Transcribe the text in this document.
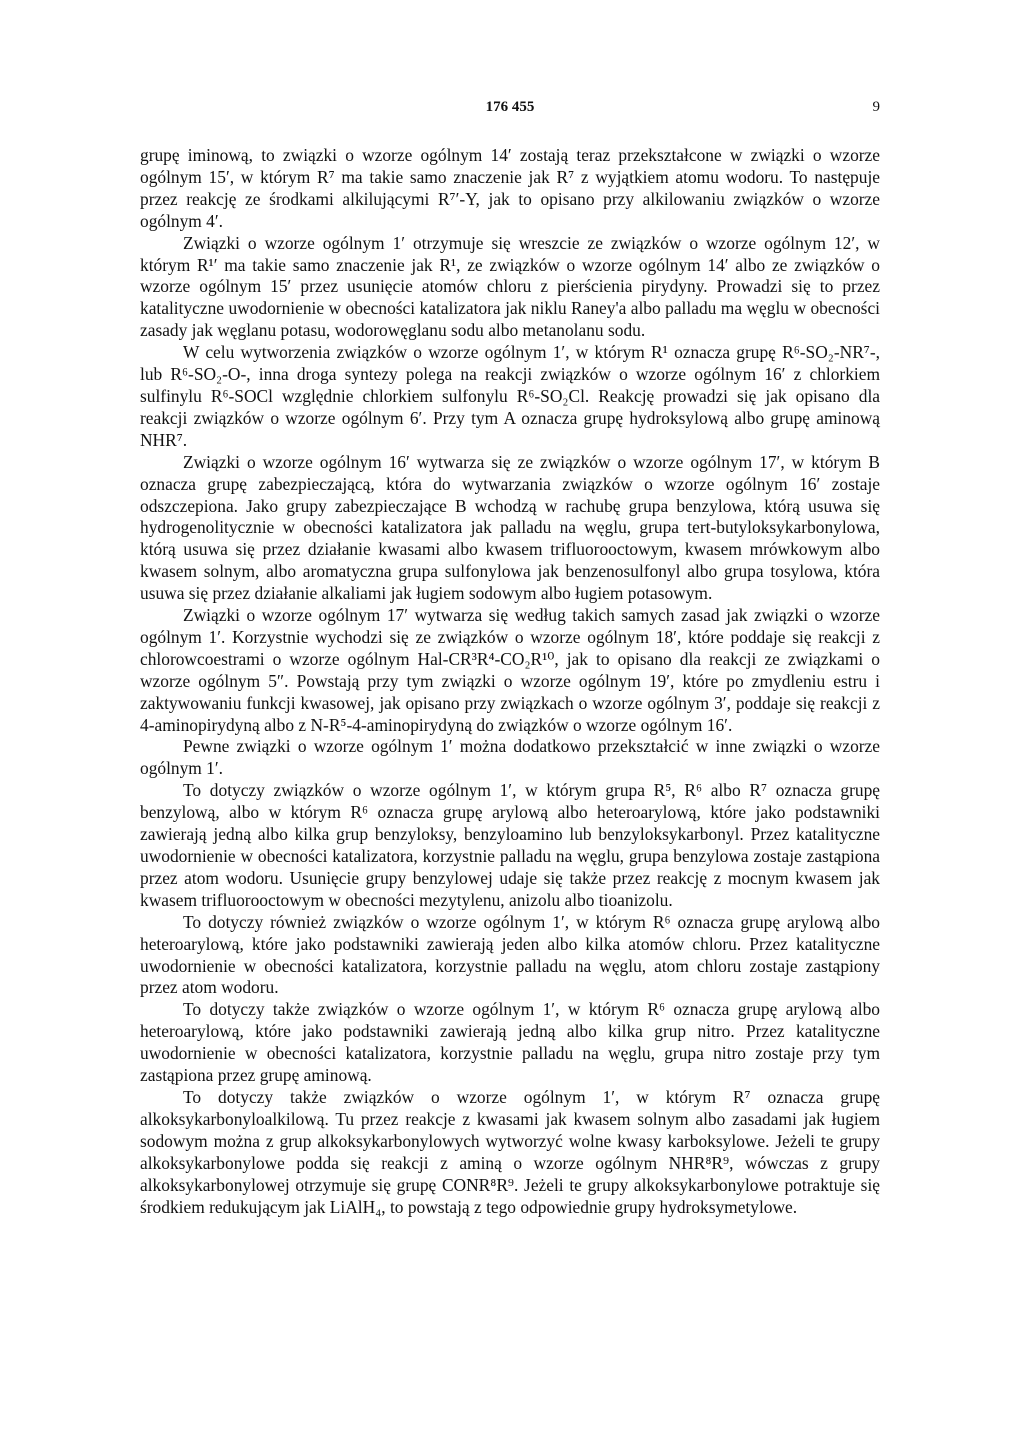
176 455	9

grupę iminową, to związki o wzorze ogólnym 14′ zostają teraz przekształcone w związki o wzorze ogólnym 15′, w którym R⁷ ma takie samo znaczenie jak R⁷ z wyjątkiem atomu wodoru. To następuje przez reakcję ze środkami alkilującymi R⁷′-Y, jak to opisano przy alkilowaniu związków o wzorze ogólnym 4′.

Związki o wzorze ogólnym 1′ otrzymuje się wreszcie ze związków o wzorze ogólnym 12′, w którym R¹′ ma takie samo znaczenie jak R¹, ze związków o wzorze ogólnym 14′ albo ze związków o wzorze ogólnym 15′ przez usunięcie atomów chloru z pierścienia pirydyny. Prowadzi się to przez katalityczne uwodornienie w obecności katalizatora jak niklu Raney'a albo palladu ma węglu w obecności zasady jak węglanu potasu, wodorowęglanu sodu albo metanolanu sodu.

W celu wytworzenia związków o wzorze ogólnym 1′, w którym R¹ oznacza grupę R⁶-SO₂-NR⁷-, lub R⁶-SO₂-O-, inna droga syntezy polega na reakcji związków o wzorze ogólnym 16′ z chlorkiem sulfinylu R⁶-SOCl względnie chlorkiem sulfonylu R⁶-SO₂Cl. Reakcję prowadzi się jak opisano dla reakcji związków o wzorze ogólnym 6′. Przy tym A oznacza grupę hydroksylową albo grupę aminową NHR⁷.

Związki o wzorze ogólnym 16′ wytwarza się ze związków o wzorze ogólnym 17′, w którym B oznacza grupę zabezpieczającą, która do wytwarzania związków o wzorze ogólnym 16′ zostaje odszczepiona. Jako grupy zabezpieczające B wchodzą w rachubę grupa benzylowa, którą usuwa się hydrogenolitycznie w obecności katalizatora jak palladu na węglu, grupa tert-butyloksykarbonylowa, którą usuwa się przez działanie kwasami albo kwasem trifluorooctowym, kwasem mrówkowym albo kwasem solnym, albo aromatyczna grupa sulfonylowa jak benzenosulfonyl albo grupa tosylowa, która usuwa się przez działanie alkaliami jak ługiem sodowym albo ługiem potasowym.

Związki o wzorze ogólnym 17′ wytwarza się według takich samych zasad jak związki o wzorze ogólnym 1′. Korzystnie wychodzi się ze związków o wzorze ogólnym 18′, które poddaje się reakcji z chlorowcoestrami o wzorze ogólnym Hal-CR³R⁴-CO₂R¹⁰, jak to opisano dla reakcji ze związkami o wzorze ogólnym 5″. Powstają przy tym związki o wzorze ogólnym 19′, które po zmydleniu estru i zaktywowaniu funkcji kwasowej, jak opisano przy związkach o wzorze ogólnym 3′, poddaje się reakcji z 4-aminopirydyną albo z N-R⁵-4-aminopirydyną do związków o wzorze ogólnym 16′.

Pewne związki o wzorze ogólnym 1′ można dodatkowo przekształcić w inne związki o wzorze ogólnym 1′.

To dotyczy związków o wzorze ogólnym 1′, w którym grupa R⁵, R⁶ albo R⁷ oznacza grupę benzylową, albo w którym R⁶ oznacza grupę arylową albo heteroarylową, które jako podstawniki zawierają jedną albo kilka grup benzyloksy, benzyloamino lub benzyloksykarbonyl. Przez katalityczne uwodornienie w obecności katalizatora, korzystnie palladu na węglu, grupa benzylowa zostaje zastąpiona przez atom wodoru. Usunięcie grupy benzylowej udaje się także przez reakcję z mocnym kwasem jak kwasem trifluorooctowym w obecności mezytylenu, anizolu albo tioanizolu.

To dotyczy również związków o wzorze ogólnym 1′, w którym R⁶ oznacza grupę arylową albo heteroarylową, które jako podstawniki zawierają jeden albo kilka atomów chloru. Przez katalityczne uwodornienie w obecności katalizatora, korzystnie palladu na węglu, atom chloru zostaje zastąpiony przez atom wodoru.

To dotyczy także związków o wzorze ogólnym 1′, w którym R⁶ oznacza grupę arylową albo heteroarylową, które jako podstawniki zawierają jedną albo kilka grup nitro. Przez katalityczne uwodornienie w obecności katalizatora, korzystnie palladu na węglu, grupa nitro zostaje przy tym zastąpiona przez grupę aminową.

To dotyczy także związków o wzorze ogólnym 1′, w którym R⁷ oznacza grupę alkoksykarbonyloalkilową. Tu przez reakcje z kwasami jak kwasem solnym albo zasadami jak ługiem sodowym można z grup alkoksykarbonylowych wytworzyć wolne kwasy karboksylowe. Jeżeli te grupy alkoksykarbonylowe podda się reakcji z aminą o wzorze ogólnym NHR⁸R⁹, wówczas z grupy alkoksykarbonylowej otrzymuje się grupę CONR⁸R⁹. Jeżeli te grupy alkoksykarbonylowe potraktuje się środkiem redukującym jak LiAlH₄, to powstają z tego odpowiednie grupy hydroksymetylowe.
